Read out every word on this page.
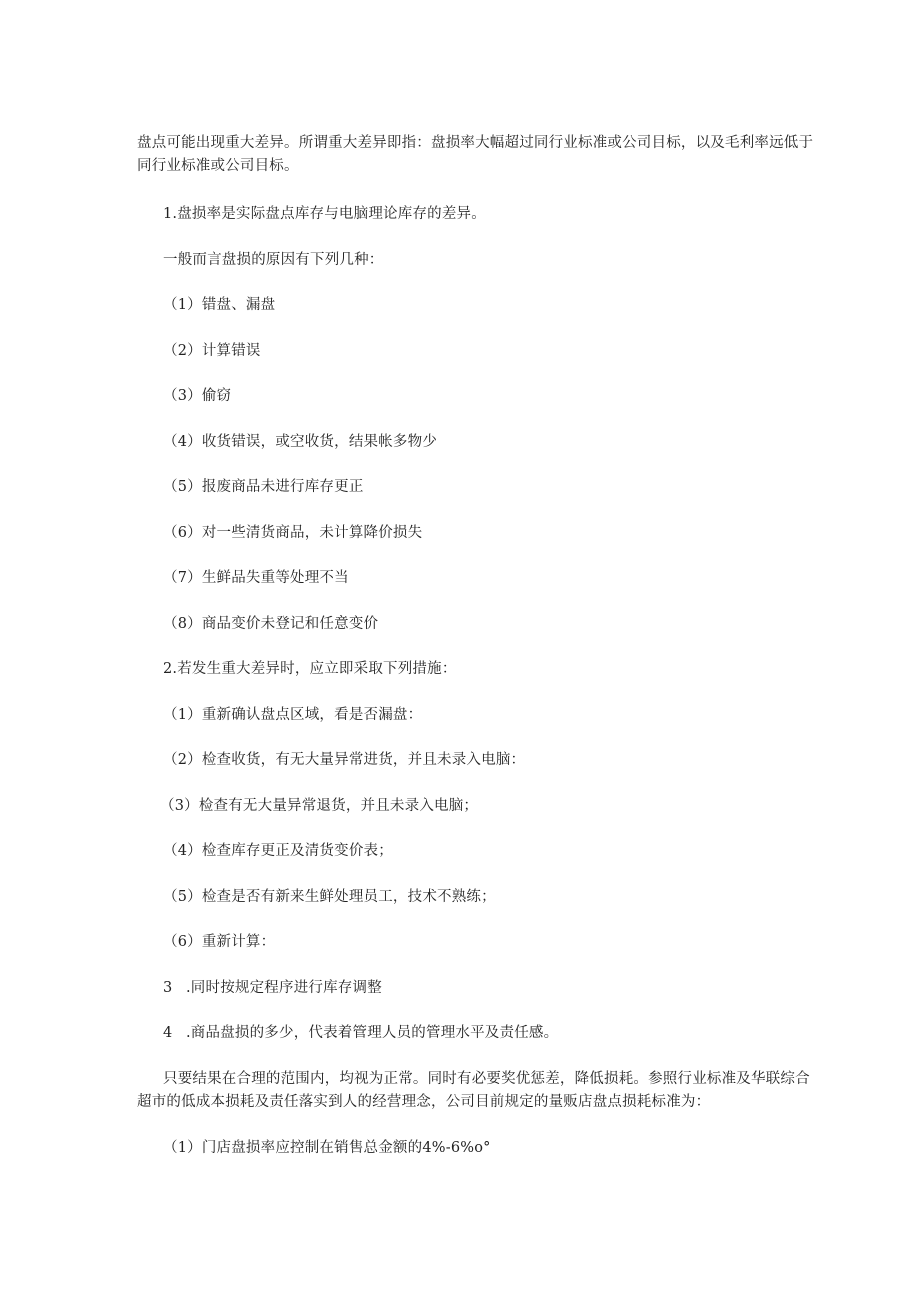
盘点可能出现重大差异。所谓重大差异即指：盘损率大幅超过同行业标准或公司目标，以及毛利率远低于
同行业标准或公司目标。
1.盘损率是实际盘点库存与电脑理论库存的差异。
一般而言盘损的原因有下列几种：
（1）错盘、漏盘
（2）计算错误
（3）偷窃
（4）收货错误，或空收货，结果帐多物少
（5）报废商品未进行库存更正
（6）对一些清货商品，未计算降价损失
（7）生鲜品失重等处理不当
（8）商品变价未登记和任意变价
2.若发生重大差异时，应立即采取下列措施：
（1）重新确认盘点区域，看是否漏盘：
（2）检查收货，有无大量异常进货，并且未录入电脑：
（3）检查有无大量异常退货，并且未录入电脑；
（4）检查库存更正及清货变价表；
（5）检查是否有新来生鲜处理员工，技术不熟练；
（6）重新计算：
3 .同时按规定程序进行库存调整
4 .商品盘损的多少，代表着管理人员的管理水平及责任感。
只要结果在合理的范围内，均视为正常。同时有必要奖优惩差，降低损耗。参照行业标准及华联综合
超市的低成本损耗及责任落实到人的经营理念，公司目前规定的量贩店盘点损耗标准为：
（1）门店盘损率应控制在销售总金额的4%-6%o°
